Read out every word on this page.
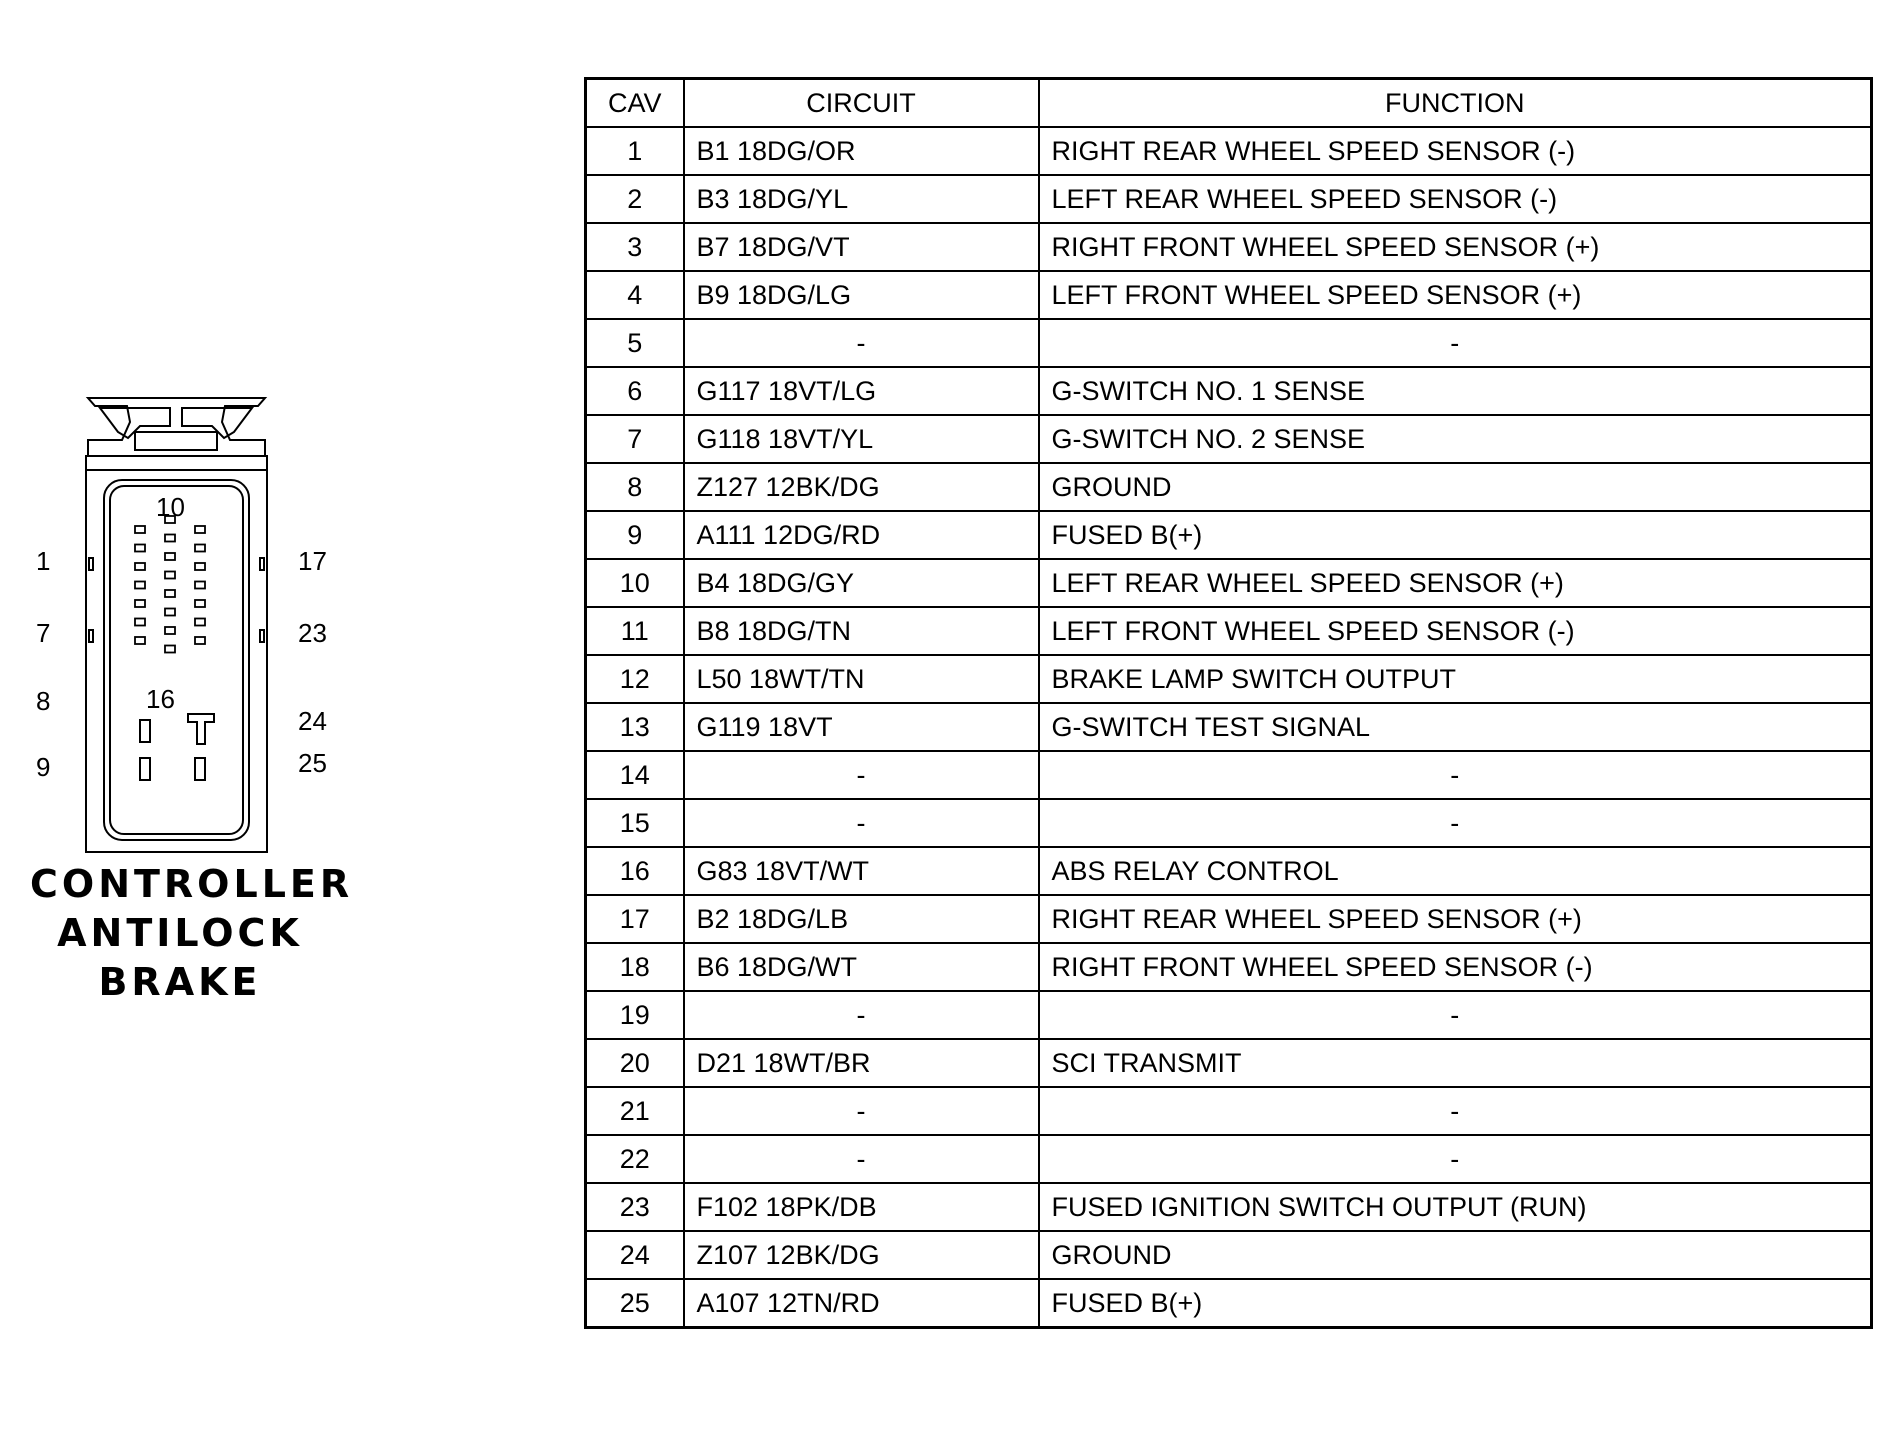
1
7
8
9
17
23
24
25
10
16
CONTROLLER
ANTILOCK
BRAKE
CAV	CIRCUIT	FUNCTION
1	B1 18DG/OR	RIGHT REAR WHEEL SPEED SENSOR (-)
2	B3 18DG/YL	LEFT REAR WHEEL SPEED SENSOR (-)
3	B7 18DG/VT	RIGHT FRONT WHEEL SPEED SENSOR (+)
4	B9 18DG/LG	LEFT FRONT WHEEL SPEED SENSOR (+)
5	-	-
6	G117 18VT/LG	G-SWITCH NO. 1 SENSE
7	G118 18VT/YL	G-SWITCH NO. 2 SENSE
8	Z127 12BK/DG	GROUND
9	A111 12DG/RD	FUSED B(+)
10	B4 18DG/GY	LEFT REAR WHEEL SPEED SENSOR (+)
11	B8 18DG/TN	LEFT FRONT WHEEL SPEED SENSOR (-)
12	L50 18WT/TN	BRAKE LAMP SWITCH OUTPUT
13	G119 18VT	G-SWITCH TEST SIGNAL
14	-	-
15	-	-
16	G83 18VT/WT	ABS RELAY CONTROL
17	B2 18DG/LB	RIGHT REAR WHEEL SPEED SENSOR (+)
18	B6 18DG/WT	RIGHT FRONT WHEEL SPEED SENSOR (-)
19	-	-
20	D21 18WT/BR	SCI TRANSMIT
21	-	-
22	-	-
23	F102 18PK/DB	FUSED IGNITION SWITCH OUTPUT (RUN)
24	Z107 12BK/DG	GROUND
25	A107 12TN/RD	FUSED B(+)
